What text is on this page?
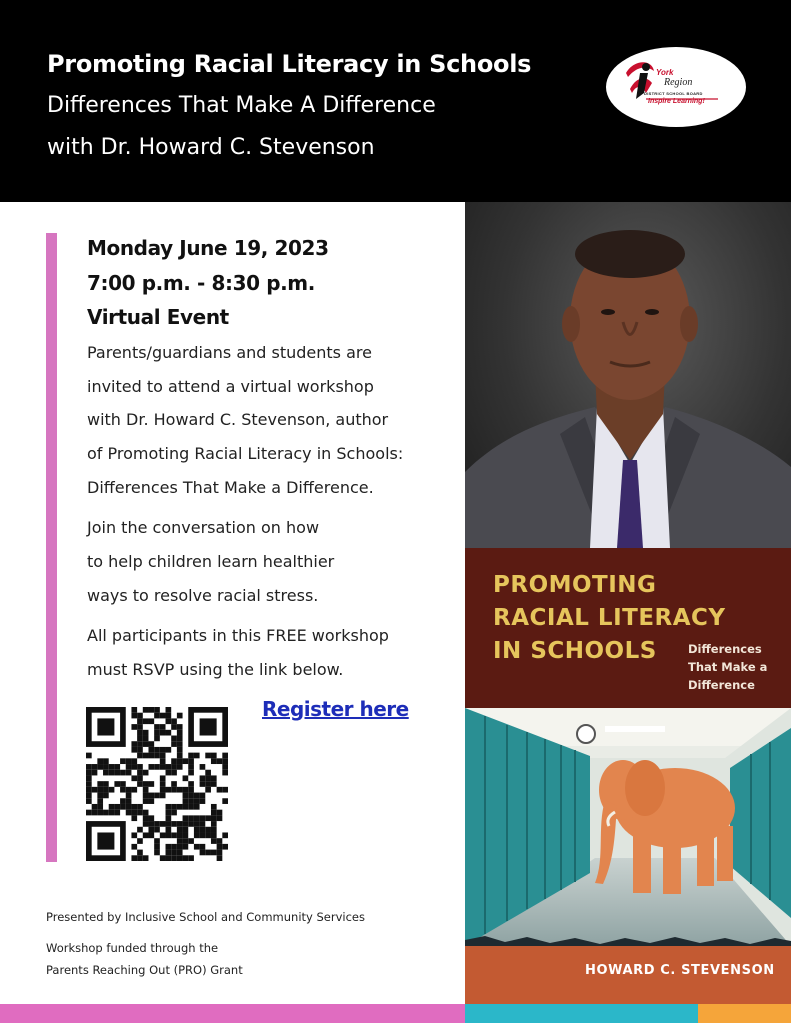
Promoting Racial Literacy in Schools
Differences That Make A Difference
with Dr. Howard C. Stevenson
York
Region
DISTRICT SCHOOL BOARD
Inspire Learning!
Monday June 19, 2023
7:00 p.m. - 8:30 p.m.
Virtual Event
Parents/guardians and students are
invited to attend a virtual workshop
with Dr. Howard C. Stevenson, author
of Promoting Racial Literacy in Schools:
Differences That Make a Difference.
Join the conversation on how
to help children learn healthier
ways to resolve racial stress.
All participants in this FREE workshop
must RSVP using the link below.
Register here
Presented by Inclusive School and Community Services
Workshop funded through the
Parents Reaching Out (PRO) Grant
PROMOTING
RACIAL LITERACY
IN SCHOOLS	Differences
That Make a
Difference
HOWARD C. STEVENSON
